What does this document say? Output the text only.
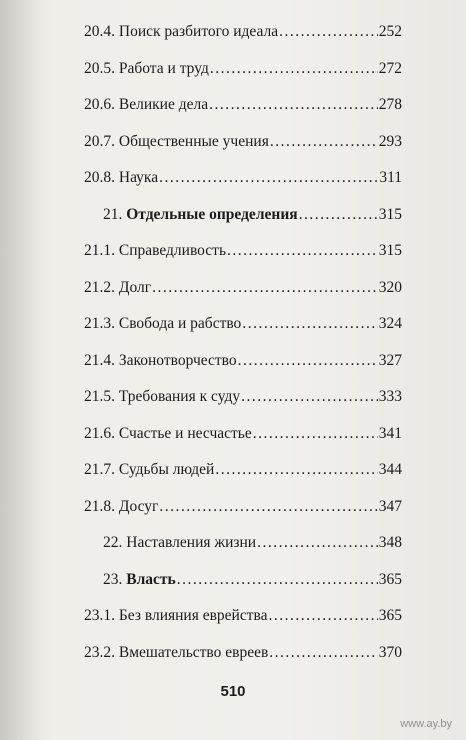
20.4. Поиск разбитого идеала .....	252
20.5. Работа и труд .....	272
20.6. Великие дела .....	278
20.7. Общественные учения .....	293
20.8. Наука .....	311
21. Отдельные определения .....	315
21.1. Справедливость .....	315
21.2. Долг .....	320
21.3. Свобода и рабство .....	324
21.4. Законотворчество .....	327
21.5. Требования к суду .....	333
21.6. Счастье и несчастье .....	341
21.7. Судьбы людей .....	344
21.8. Досуг .....	347
22. Наставления жизни .....	348
23. Власть .....	365
23.1. Без влияния еврейства .....	365
23.2. Вмешательство евреев .....	370
510
www.ay.by
